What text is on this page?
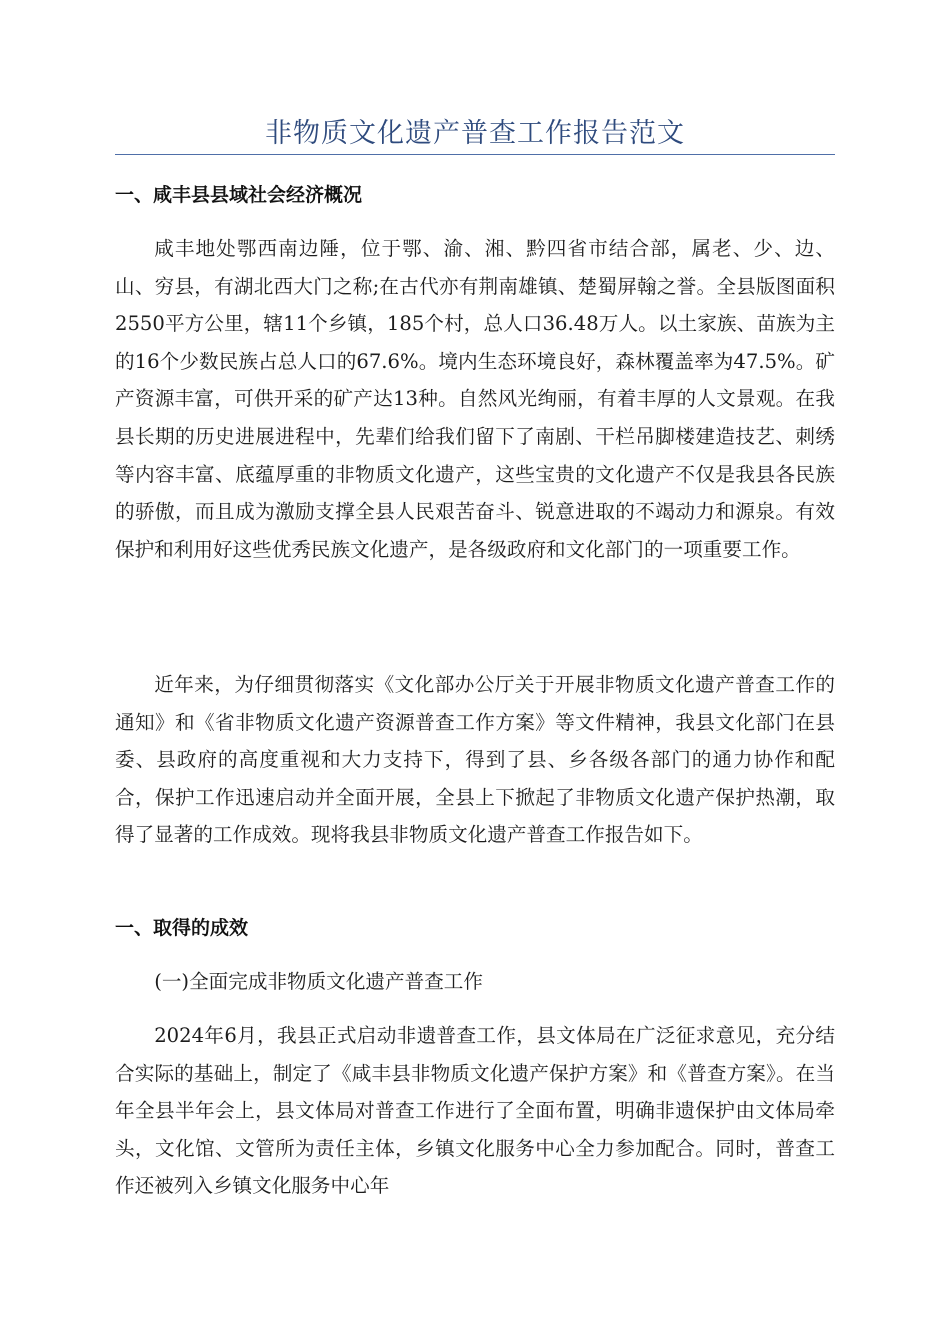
非物质文化遗产普查工作报告范文
一、咸丰县县域社会经济概况
咸丰地处鄂西南边陲，位于鄂、渝、湘、黔四省市结合部，属老、少、边、山、穷县，有湖北西大门之称;在古代亦有荆南雄镇、楚蜀屏翰之誉。全县版图面积2550平方公里，辖11个乡镇，185个村，总人口36.48万人。以土家族、苗族为主的16个少数民族占总人口的67.6%。境内生态环境良好，森林覆盖率为47.5%。矿产资源丰富，可供开采的矿产达13种。自然风光绚丽，有着丰厚的人文景观。在我县长期的历史进展进程中，先辈们给我们留下了南剧、干栏吊脚楼建造技艺、刺绣等内容丰富、底蕴厚重的非物质文化遗产，这些宝贵的文化遗产不仅是我县各民族的骄傲，而且成为激励支撑全县人民艰苦奋斗、锐意进取的不竭动力和源泉。有效保护和利用好这些优秀民族文化遗产，是各级政府和文化部门的一项重要工作。
近年来，为仔细贯彻落实《文化部办公厅关于开展非物质文化遗产普查工作的通知》和《省非物质文化遗产资源普查工作方案》等文件精神，我县文化部门在县委、县政府的高度重视和大力支持下，得到了县、乡各级各部门的通力协作和配合，保护工作迅速启动并全面开展，全县上下掀起了非物质文化遗产保护热潮，取得了显著的工作成效。现将我县非物质文化遗产普查工作报告如下。
一、取得的成效
(一)全面完成非物质文化遗产普查工作
2024年6月，我县正式启动非遗普查工作，县文体局在广泛征求意见，充分结合实际的基础上，制定了《咸丰县非物质文化遗产保护方案》和《普查方案》。在当年全县半年会上，县文体局对普查工作进行了全面布置，明确非遗保护由文体局牵头，文化馆、文管所为责任主体，乡镇文化服务中心全力参加配合。同时，普查工作还被列入乡镇文化服务中心年
